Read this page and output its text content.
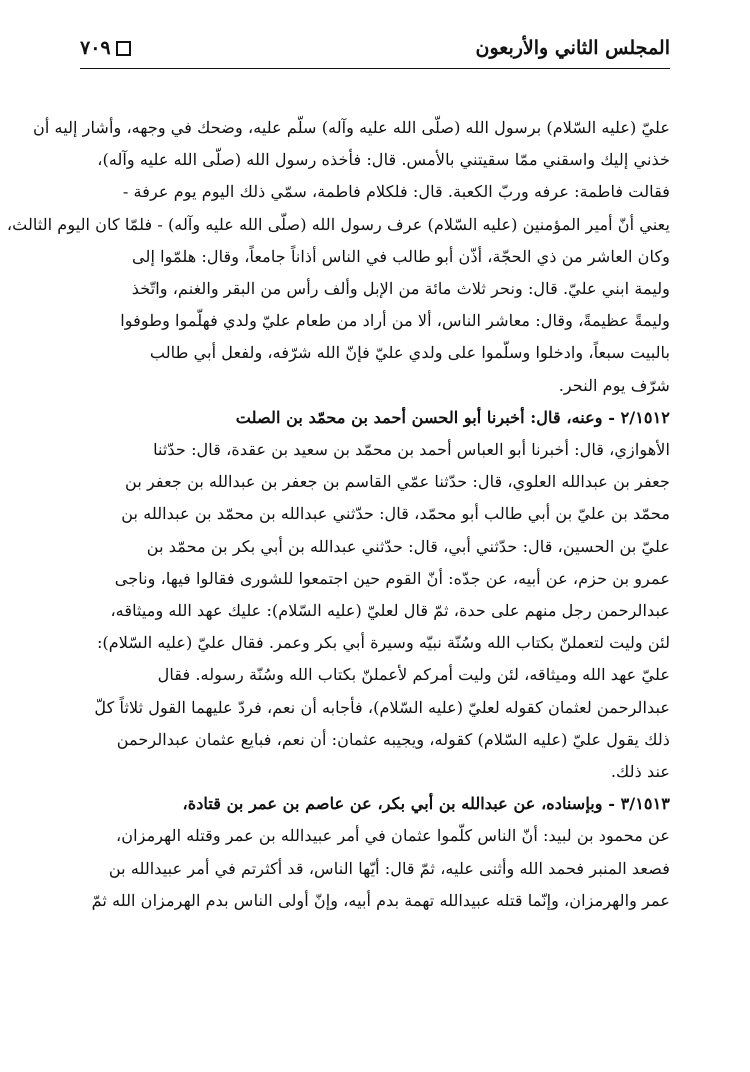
المجلس الثاني والأربعون
٧٠٩

عليّ (عليه السّلام) برسول الله (صلّى الله عليه وآله) سلّم عليه، وضحك في وجهه، وأشار إليه أن
خذني إليك واسقني ممّا سقيتني بالأمس. قال: فأخذه رسول الله (صلّى الله عليه وآله)،
فقالت فاطمة: عرفه وربّ الكعبة. قال: فلكلام فاطمة، سمّي ذلك اليوم يوم عرفة -
يعني أنّ أمير المؤمنين (عليه السّلام) عرف رسول الله (صلّى الله عليه وآله) - فلمّا كان اليوم الثالث،
وكان العاشر من ذي الحجّة، أذّن أبو طالب في الناس أذاناً جامعاً، وقال: هلمّوا إلى
وليمة ابني عليّ. قال: ونحر ثلاث مائة من الإبل وألف رأس من البقر والغنم، واتّخذ
وليمةً عظيمةً، وقال: معاشر الناس، ألا من أراد من طعام عليّ ولدي فهلّموا وطوفوا
بالبيت سبعاً، وادخلوا وسلّموا على ولدي عليّ فإنّ الله شرّفه، ولفعل أبي طالب
شرّف يوم النحر.

٢/١٥١٢ - وعنه، قال: أخبرنا أبو الحسن أحمد بن محمّد بن الصلت
الأهوازي، قال: أخبرنا أبو العباس أحمد بن محمّد بن سعيد بن عقدة، قال: حدّثنا
جعفر بن عبدالله العلوي، قال: حدّثنا عمّي القاسم بن جعفر بن عبدالله بن جعفر بن
محمّد بن عليّ بن أبي طالب أبو محمّد، قال: حدّثني عبدالله بن محمّد بن عبدالله بن
عليّ بن الحسين، قال: حدّثني أبي، قال: حدّثني عبدالله بن أبي بكر بن محمّد بن
عمرو بن حزم، عن أبيه، عن جدّه: أنّ القوم حين اجتمعوا للشورى فقالوا فيها، وناجى
عبدالرحمن رجل منهم على حدة، ثمّ قال لعليّ (عليه السّلام): عليك عهد الله وميثاقه،
لئن وليت لتعملنّ بكتاب الله وسُنّة نبيّه وسيرة أبي بكر وعمر. فقال عليّ (عليه السّلام):
عليّ عهد الله وميثاقه، لئن وليت أمركم لأعملنّ بكتاب الله وسُنّة رسوله. فقال
عبدالرحمن لعثمان كقوله لعليّ (عليه السّلام)، فأجابه أن نعم، فردّ عليهما القول ثلاثاً كلّ
ذلك يقول عليّ (عليه السّلام) كقوله، ويجيبه عثمان: أن نعم، فبايع عثمان عبدالرحمن
عند ذلك.

٣/١٥١٣ - وبإسناده، عن عبدالله بن أبي بكر، عن عاصم بن عمر بن قتادة،
عن محمود بن لبيد: أنّ الناس كلّموا عثمان في أمر عبيدالله بن عمر وقتله الهرمزان،
فصعد المنبر فحمد الله وأثنى عليه، ثمّ قال: أيّها الناس، قد أكثرتم في أمر عبيدالله بن
عمر والهرمزان، وإنّما قتله عبيدالله تهمة بدم أبيه، وإنّ أولى الناس بدم الهرمزان الله ثمّ
